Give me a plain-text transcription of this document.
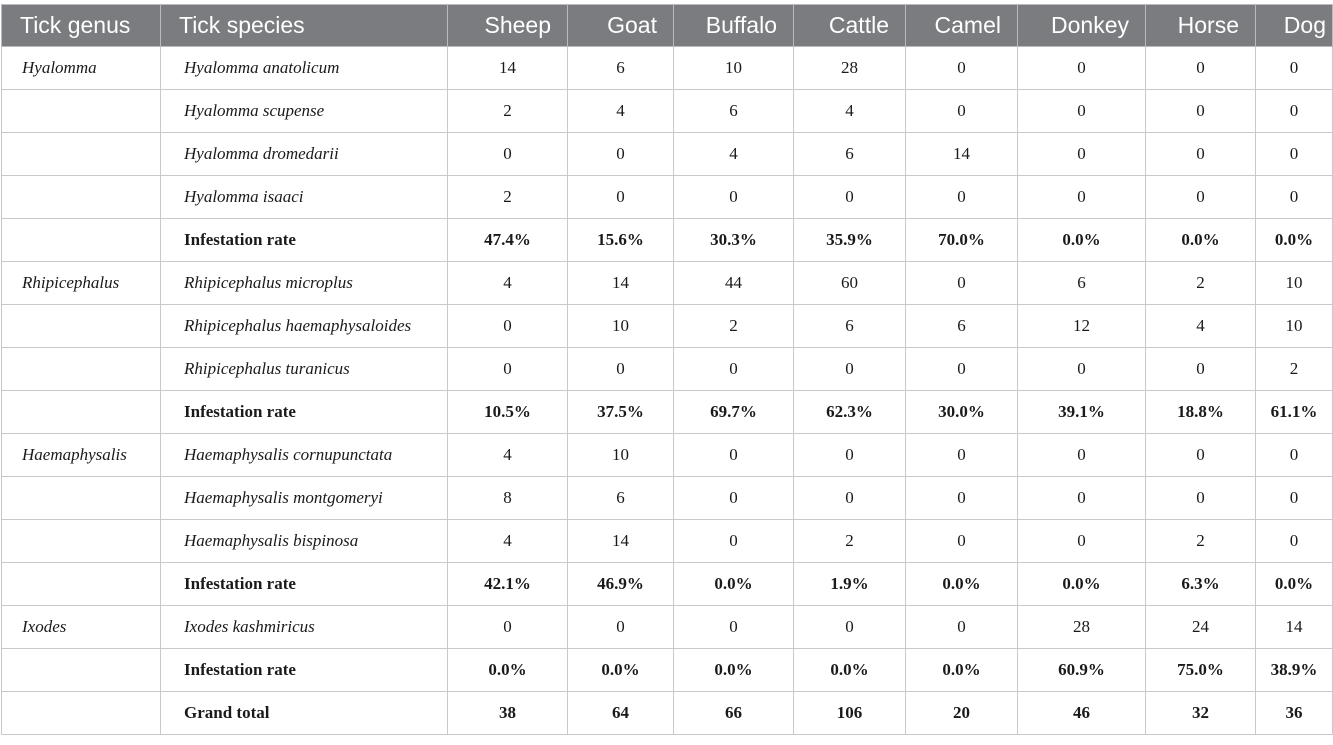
Tick genus	Tick species	Sheep	Goat	Buffalo	Cattle	Camel	Donkey	Horse	Dog
Hyalomma	Hyalomma anatolicum	14	6	10	28	0	0	0	0
	Hyalomma scupense	2	4	6	4	0	0	0	0
	Hyalomma dromedarii	0	0	4	6	14	0	0	0
	Hyalomma isaaci	2	0	0	0	0	0	0	0
	Infestation rate	47.4%	15.6%	30.3%	35.9%	70.0%	0.0%	0.0%	0.0%
Rhipicephalus	Rhipicephalus microplus	4	14	44	60	0	6	2	10
	Rhipicephalus haemaphysaloides	0	10	2	6	6	12	4	10
	Rhipicephalus turanicus	0	0	0	0	0	0	0	2
	Infestation rate	10.5%	37.5%	69.7%	62.3%	30.0%	39.1%	18.8%	61.1%
Haemaphysalis	Haemaphysalis cornupunctata	4	10	0	0	0	0	0	0
	Haemaphysalis montgomeryi	8	6	0	0	0	0	0	0
	Haemaphysalis bispinosa	4	14	0	2	0	0	2	0
	Infestation rate	42.1%	46.9%	0.0%	1.9%	0.0%	0.0%	6.3%	0.0%
Ixodes	Ixodes kashmiricus	0	0	0	0	0	28	24	14
	Infestation rate	0.0%	0.0%	0.0%	0.0%	0.0%	60.9%	75.0%	38.9%
	Grand total	38	64	66	106	20	46	32	36
